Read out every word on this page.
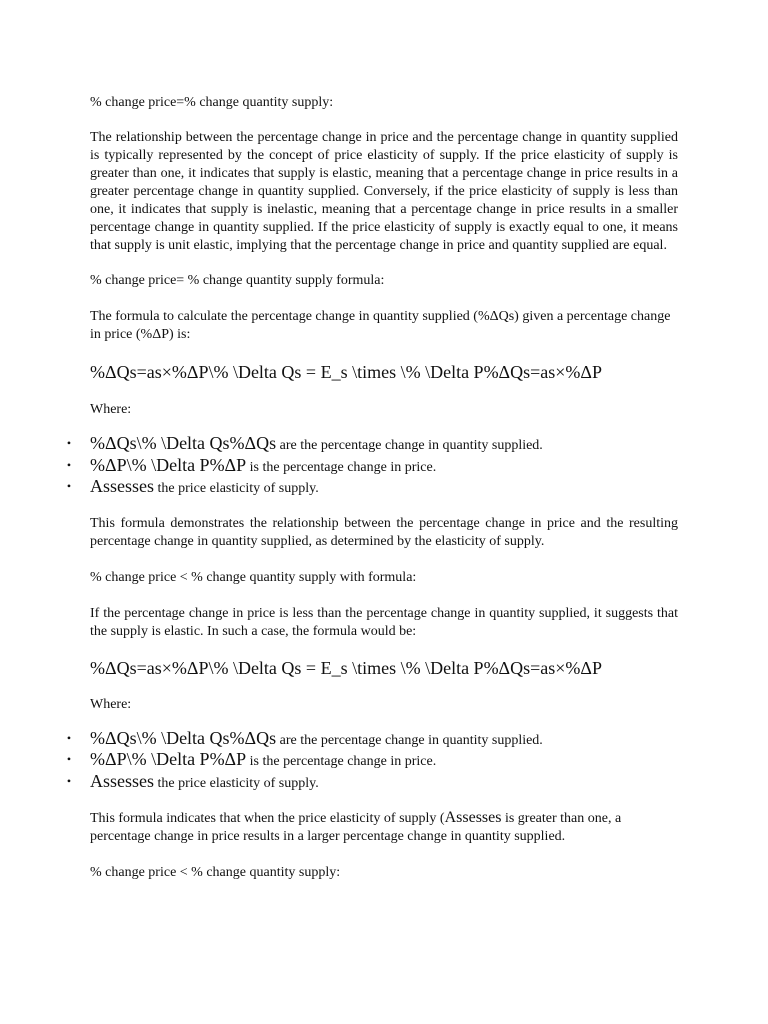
% change price=% change quantity supply:

The relationship between the percentage change in price and the percentage change in quantity supplied is typically represented by the concept of price elasticity of supply. If the price elasticity of supply is greater than one, it indicates that supply is elastic, meaning that a percentage change in price results in a greater percentage change in quantity supplied. Conversely, if the price elasticity of supply is less than one, it indicates that supply is inelastic, meaning that a percentage change in price results in a smaller percentage change in quantity supplied. If the price elasticity of supply is exactly equal to one, it means that supply is unit elastic, implying that the percentage change in price and quantity supplied are equal.

% change price= % change quantity supply formula:

The formula to calculate the percentage change in quantity supplied (%ΔQs) given a percentage change in price (%ΔP) is:

%ΔQs=as×%ΔP\% \Delta Qs = E_s \times \% \Delta P%ΔQs=as×%ΔP

Where:

• %ΔQs\% \Delta Qs%ΔQs are the percentage change in quantity supplied.
• %ΔP\% \Delta P%ΔP is the percentage change in price.
• Assesses the price elasticity of supply.

This formula demonstrates the relationship between the percentage change in price and the resulting percentage change in quantity supplied, as determined by the elasticity of supply.

% change price < % change quantity supply with formula:

If the percentage change in price is less than the percentage change in quantity supplied, it suggests that the supply is elastic. In such a case, the formula would be:

%ΔQs=as×%ΔP\% \Delta Qs = E_s \times \% \Delta P%ΔQs=as×%ΔP

Where:

• %ΔQs\% \Delta Qs%ΔQs are the percentage change in quantity supplied.
• %ΔP\% \Delta P%ΔP is the percentage change in price.
• Assesses the price elasticity of supply.

This formula indicates that when the price elasticity of supply (Assesses is greater than one, a percentage change in price results in a larger percentage change in quantity supplied.

% change price < % change quantity supply:
